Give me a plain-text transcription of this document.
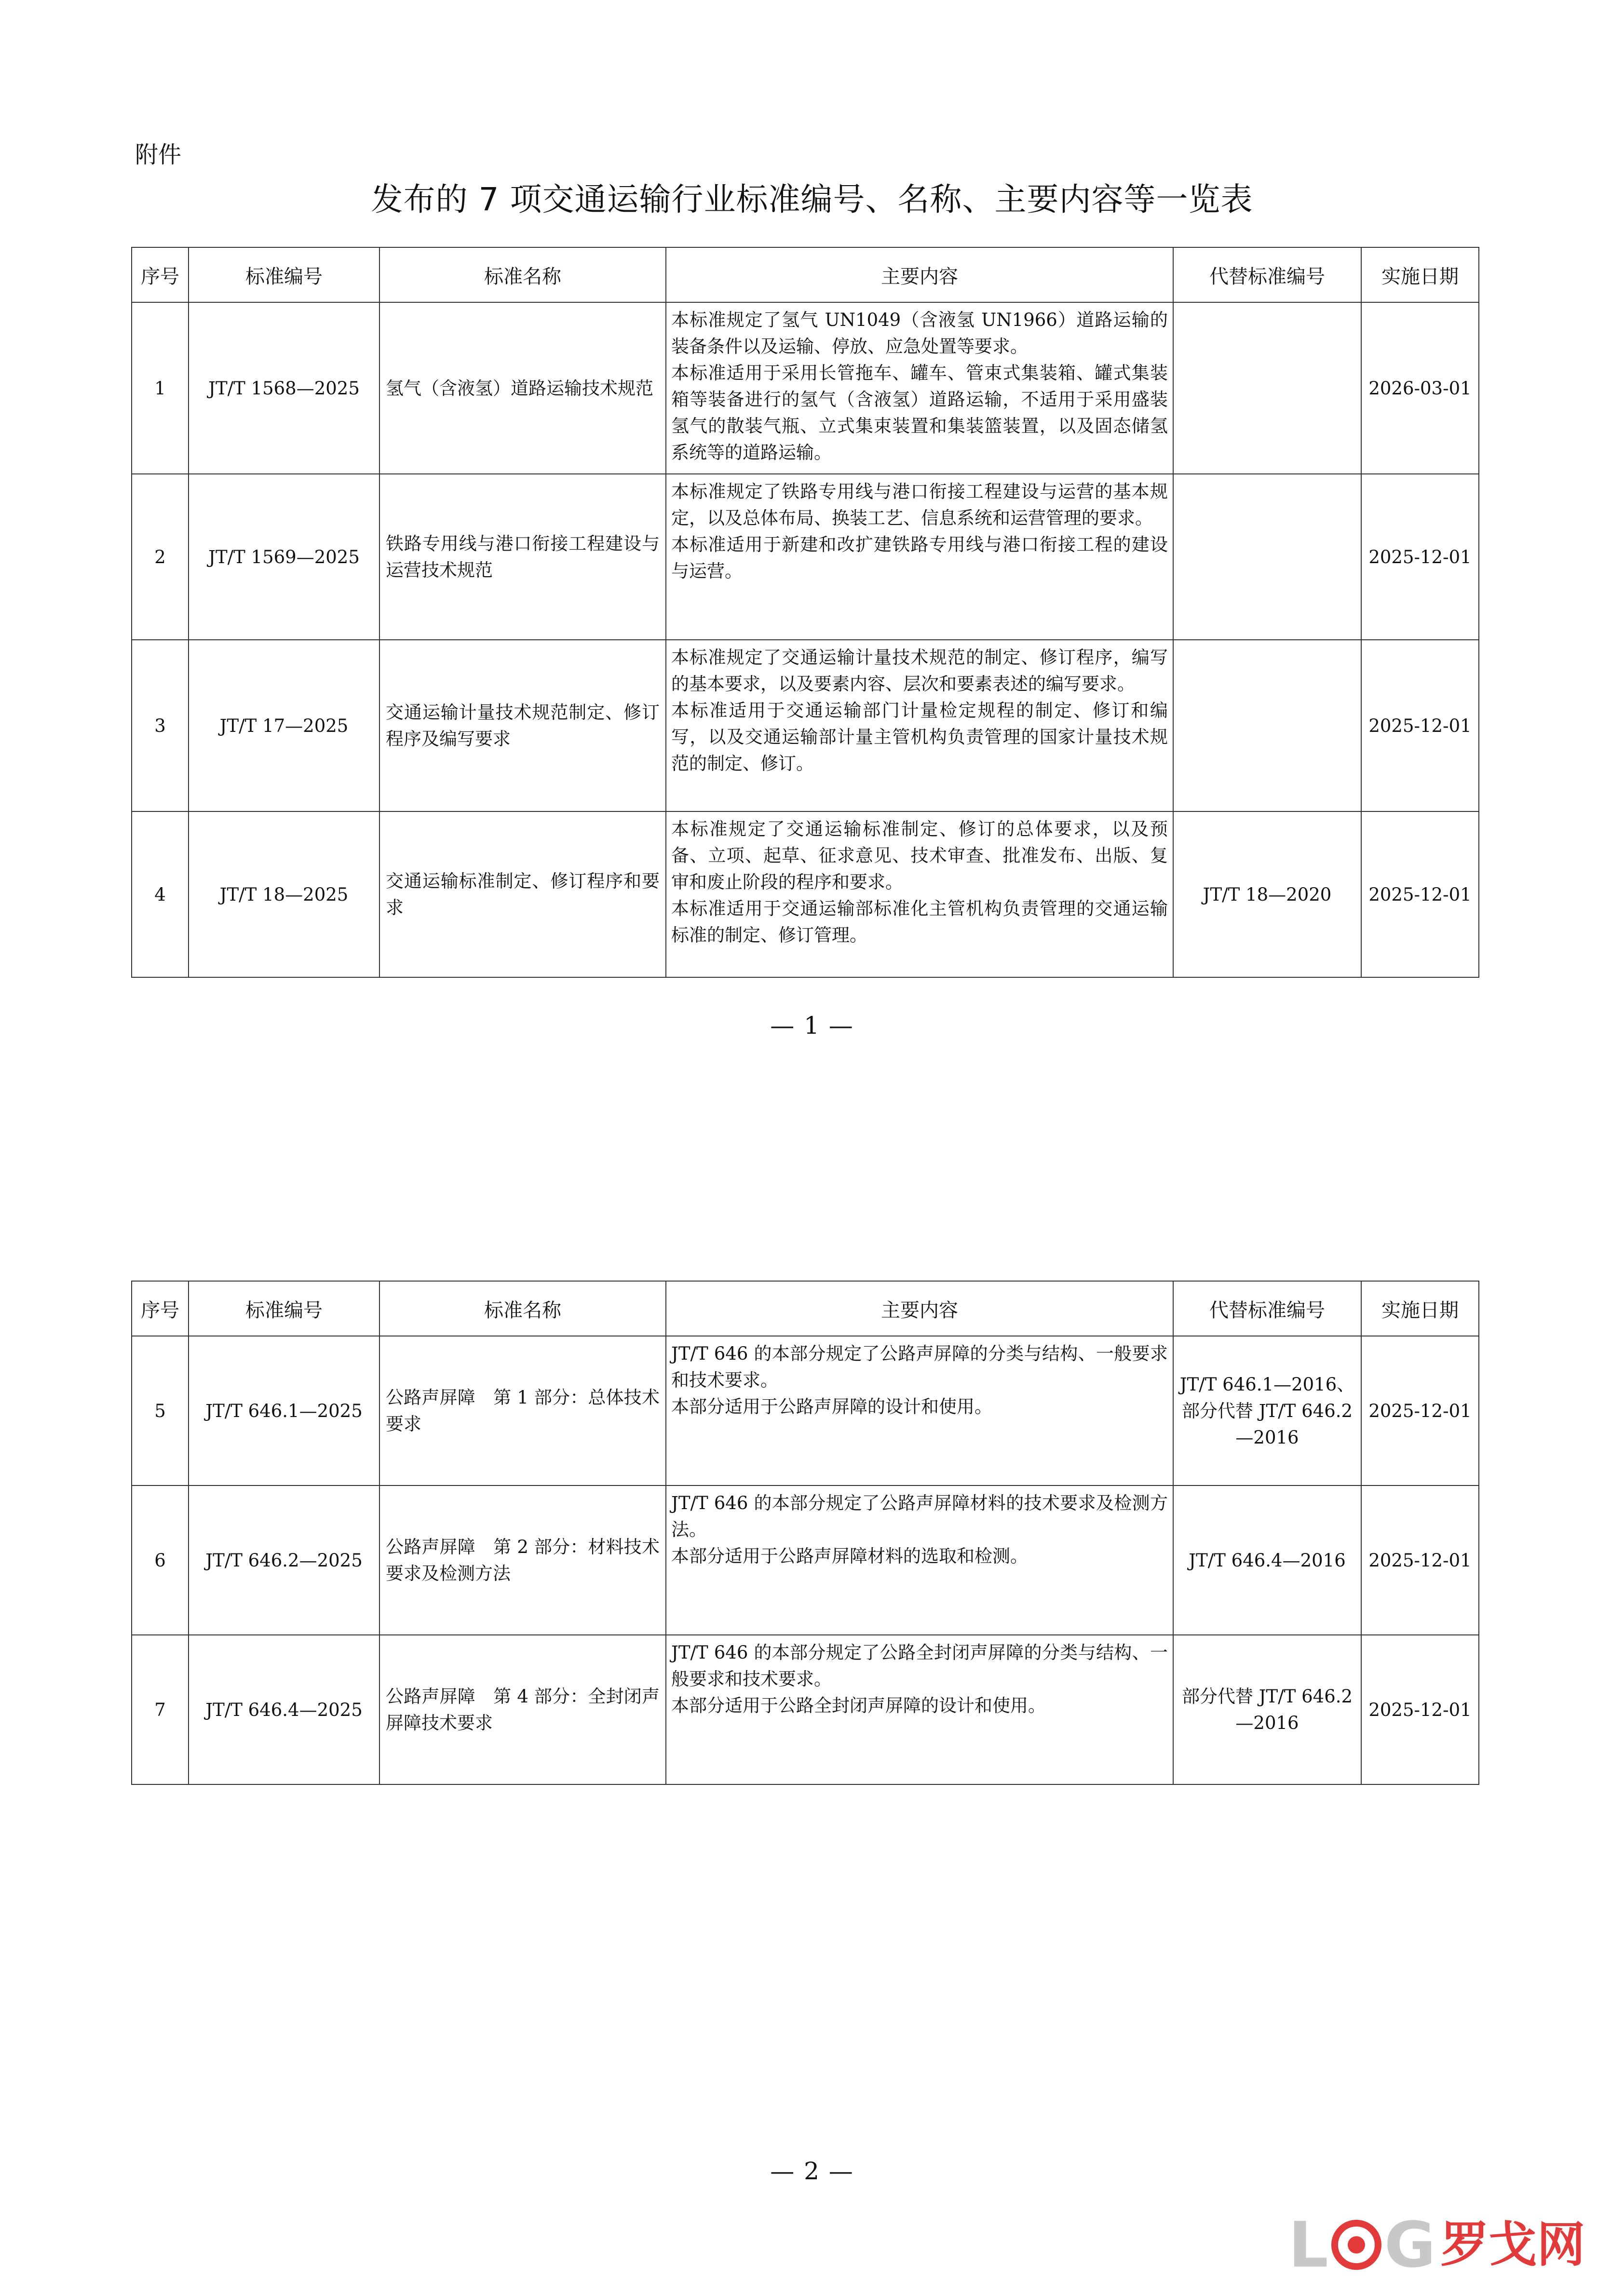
附件
发布的 7 项交通运输行业标准编号、名称、主要内容等一览表
序号	标准编号	标准名称	主要内容	代替标准编号	实施日期
1	JT/T 1568—2025	氢气（含液氢）道路运输技术规范	本标准规定了氢气 UN1049（含液氢 UN1966）道路运输的装备条件以及运输、停放、应急处置等要求。
本标准适用于采用长管拖车、罐车、管束式集装箱、罐式集装箱等装备进行的氢气（含液氢）道路运输，不适用于采用盛装氢气的散装气瓶、立式集束装置和集装篮装置，以及固态储氢系统等的道路运输。		2026-03-01
2	JT/T 1569—2025	铁路专用线与港口衔接工程建设与运营技术规范	本标准规定了铁路专用线与港口衔接工程建设与运营的基本规定，以及总体布局、换装工艺、信息系统和运营管理的要求。
本标准适用于新建和改扩建铁路专用线与港口衔接工程的建设与运营。		2025-12-01
3	JT/T 17—2025	交通运输计量技术规范制定、修订程序及编写要求	本标准规定了交通运输计量技术规范的制定、修订程序，编写的基本要求，以及要素内容、层次和要素表述的编写要求。
本标准适用于交通运输部门计量检定规程的制定、修订和编写，以及交通运输部计量主管机构负责管理的国家计量技术规范的制定、修订。		2025-12-01
4	JT/T 18—2025	交通运输标准制定、修订程序和要求	本标准规定了交通运输标准制定、修订的总体要求，以及预备、立项、起草、征求意见、技术审查、批准发布、出版、复审和废止阶段的程序和要求。
本标准适用于交通运输部标准化主管机构负责管理的交通运输标准的制定、修订管理。	JT/T 18—2020	2025-12-01
— 1 —
序号	标准编号	标准名称	主要内容	代替标准编号	实施日期
5	JT/T 646.1—2025	公路声屏障　第 1 部分：总体技术要求	JT/T 646 的本部分规定了公路声屏障的分类与结构、一般要求和技术要求。
本部分适用于公路声屏障的设计和使用。	JT/T 646.1—2016、
部分代替 JT/T 646.2
—2016	2025-12-01
6	JT/T 646.2—2025	公路声屏障　第 2 部分：材料技术要求及检测方法	JT/T 646 的本部分规定了公路声屏障材料的技术要求及检测方法。
本部分适用于公路声屏障材料的选取和检测。	JT/T 646.4—2016	2025-12-01
7	JT/T 646.4—2025	公路声屏障　第 4 部分：全封闭声屏障技术要求	JT/T 646 的本部分规定了公路全封闭声屏障的分类与结构、一般要求和技术要求。
本部分适用于公路全封闭声屏障的设计和使用。	部分代替 JT/T 646.2
—2016	2025-12-01
— 2 —
L G 罗戈网
